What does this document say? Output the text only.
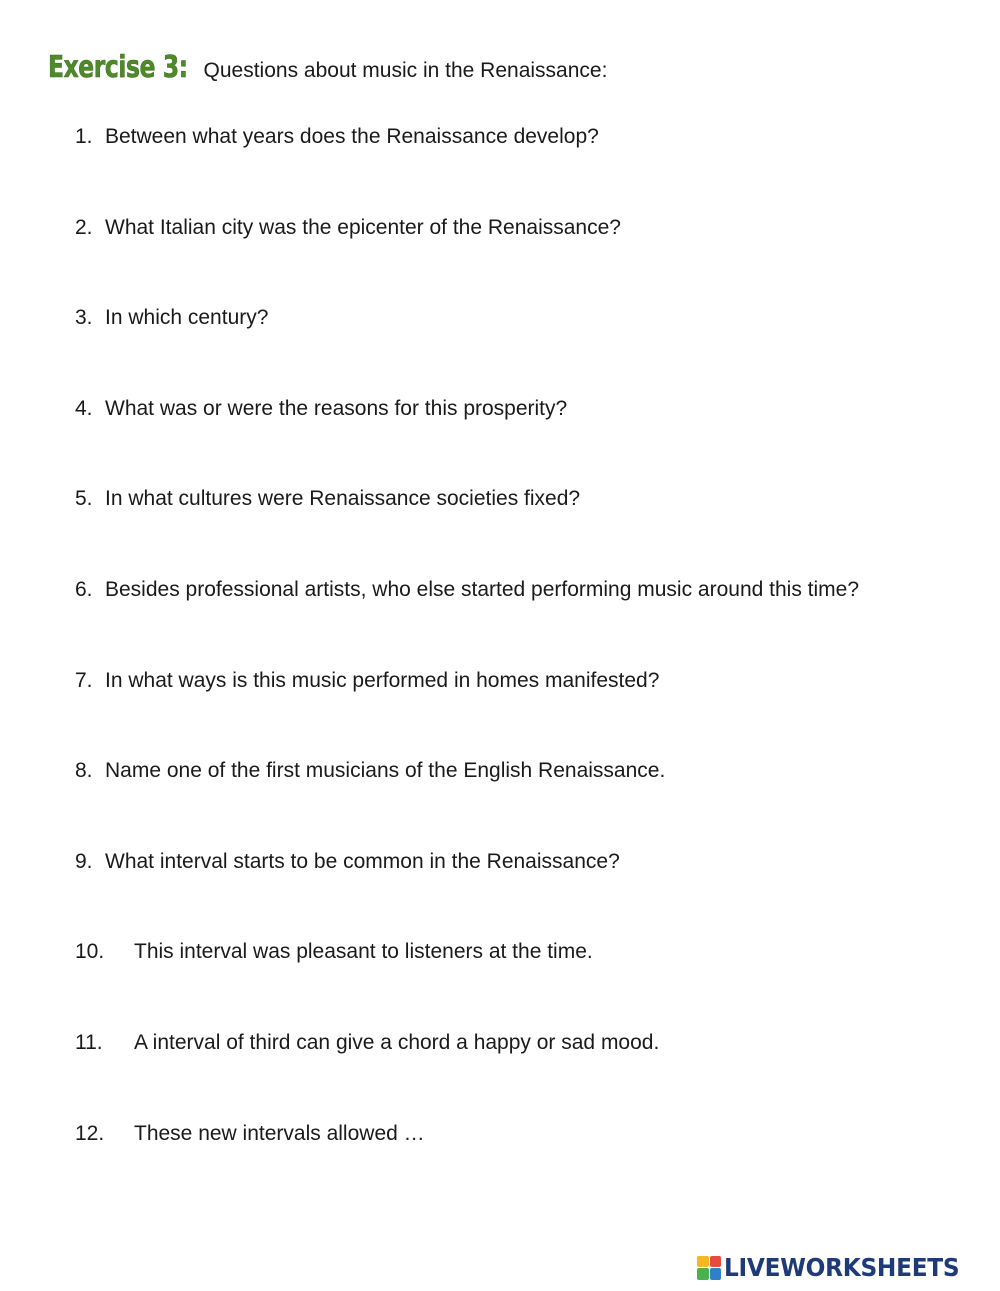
Exercise 3: Questions about music in the Renaissance:
1. Between what years does the Renaissance develop?
2. What Italian city was the epicenter of the Renaissance?
3. In which century?
4. What was or were the reasons for this prosperity?
5. In what cultures were Renaissance societies fixed?
6. Besides professional artists, who else started performing music around this time?
7. In what ways is this music performed in homes manifested?
8. Name one of the first musicians of the English Renaissance.
9. What interval starts to be common in the Renaissance?
10.	This interval was pleasant to listeners at the time.
11.	A interval of third can give a chord a happy or sad mood.
12.	These new intervals allowed …
LIVEWORKSHEETS
